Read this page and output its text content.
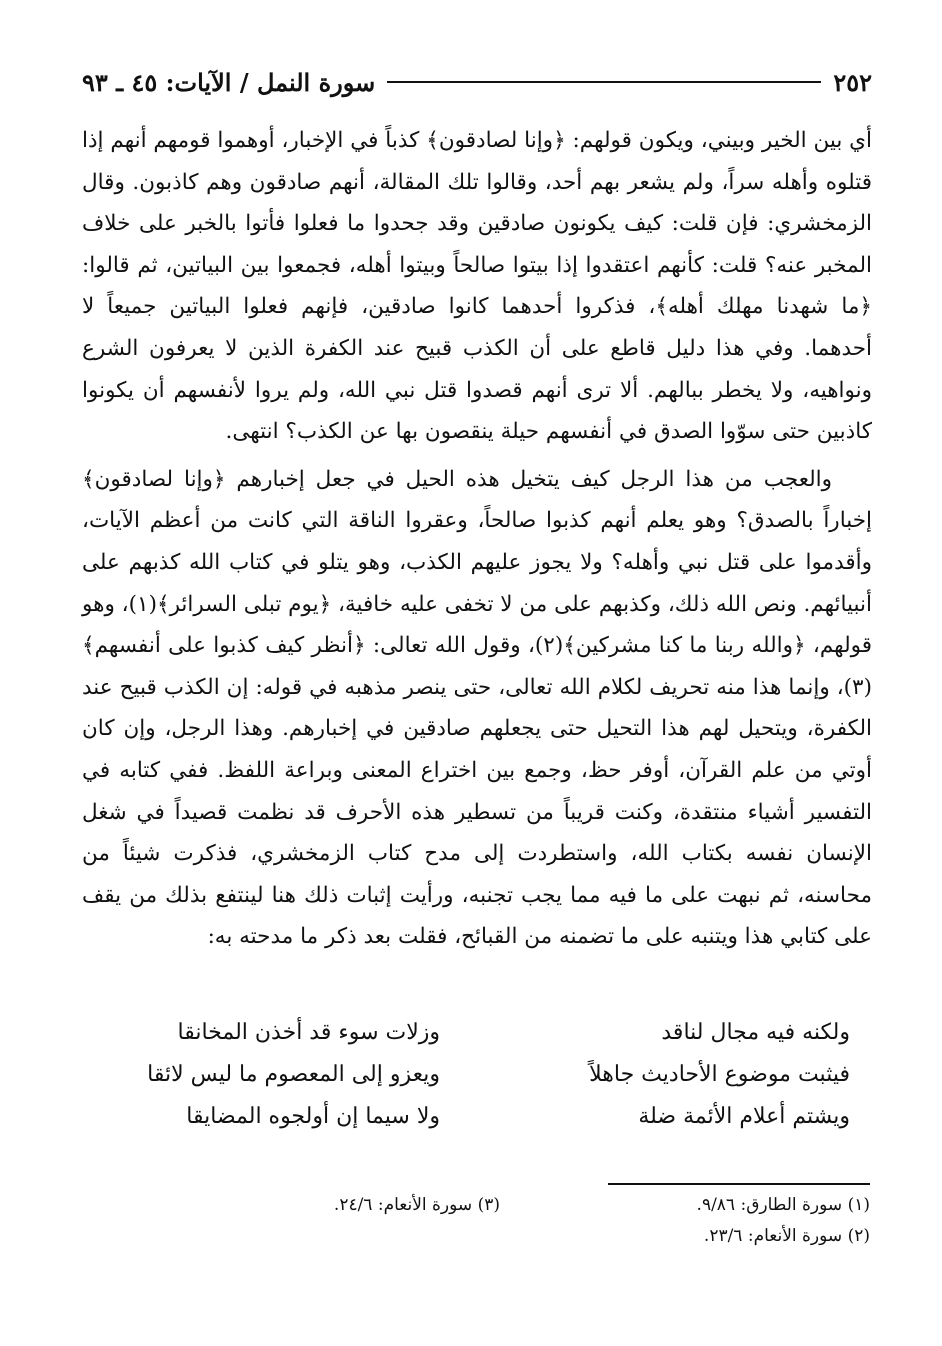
٢٥٢
سورة النمل / الآيات: ٤٥ ـ ٩٣

أي بين الخير وبيني، ويكون قولهم: ﴿وإنا لصادقون﴾ كذباً في الإخبار، أوهموا قومهم أنهم إذا قتلوه وأهله سراً، ولم يشعر بهم أحد، وقالوا تلك المقالة، أنهم صادقون وهم كاذبون. وقال الزمخشري: فإن قلت: كيف يكونون صادقين وقد جحدوا ما فعلوا فأتوا بالخبر على خلاف المخبر عنه؟ قلت: كأنهم اعتقدوا إذا بيتوا صالحاً وبيتوا أهله، فجمعوا بين البياتين، ثم قالوا: ﴿ما شهدنا مهلك أهله﴾، فذكروا أحدهما كانوا صادقين، فإنهم فعلوا البياتين جميعاً لا أحدهما. وفي هذا دليل قاطع على أن الكذب قبيح عند الكفرة الذين لا يعرفون الشرع ونواهيه، ولا يخطر ببالهم. ألا ترى أنهم قصدوا قتل نبي الله، ولم يروا لأنفسهم أن يكونوا كاذبين حتى سوّوا الصدق في أنفسهم حيلة ينقصون بها عن الكذب؟ انتهى.

والعجب من هذا الرجل كيف يتخيل هذه الحيل في جعل إخبارهم ﴿وإنا لصادقون﴾ إخباراً بالصدق؟ وهو يعلم أنهم كذبوا صالحاً، وعقروا الناقة التي كانت من أعظم الآيات، وأقدموا على قتل نبي وأهله؟ ولا يجوز عليهم الكذب، وهو يتلو في كتاب الله كذبهم على أنبيائهم. ونص الله ذلك، وكذبهم على من لا تخفى عليه خافية، ﴿يوم تبلى السرائر﴾(١)، وهو قولهم، ﴿والله ربنا ما كنا مشركين﴾(٢)، وقول الله تعالى: ﴿أنظر كيف كذبوا على أنفسهم﴾(٣)، وإنما هذا منه تحريف لكلام الله تعالى، حتى ينصر مذهبه في قوله: إن الكذب قبيح عند الكفرة، ويتحيل لهم هذا التحيل حتى يجعلهم صادقين في إخبارهم. وهذا الرجل، وإن كان أوتي من علم القرآن، أوفر حظ، وجمع بين اختراع المعنى وبراعة اللفظ. ففي كتابه في التفسير أشياء منتقدة، وكنت قريباً من تسطير هذه الأحرف قد نظمت قصيداً في شغل الإنسان نفسه بكتاب الله، واستطردت إلى مدح كتاب الزمخشري، فذكرت شيئاً من محاسنه، ثم نبهت على ما فيه مما يجب تجنبه، ورأيت إثبات ذلك هنا لينتفع بذلك من يقف على كتابي هذا ويتنبه على ما تضمنه من القبائح، فقلت بعد ذكر ما مدحته به:

ولكنه فيه مجال لناقد
وزلات سوء قد أخذن المخانقا
فيثبت موضوع الأحاديث جاهلاً
ويعزو إلى المعصوم ما ليس لائقا
ويشتم أعلام الأئمة ضلة
ولا سيما إن أولجوه المضايقا
(١) سورة الطارق: ٩/٨٦.
(٣) سورة الأنعام: ٢٤/٦.
(٢) سورة الأنعام: ٢٣/٦.
